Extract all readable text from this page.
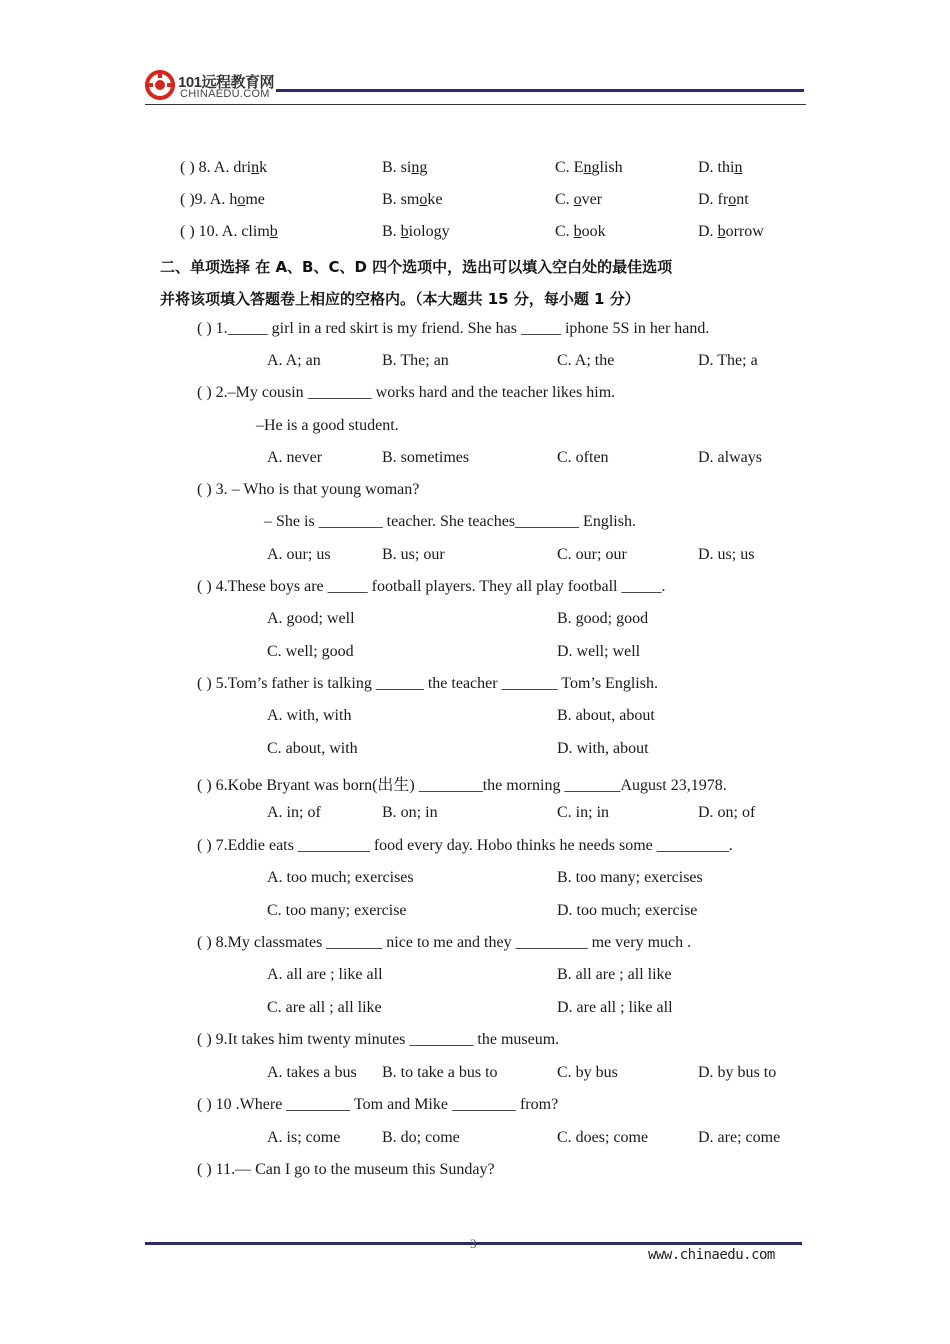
101远程教育网
CHINAEDU.COM
( ) 8. A. drink	B. sing	C. English	D. thin
( )9. A. home	B. smoke	C. over	D. front
( ) 10. A. climb	B. biology	C. book	D. borrow
二、单项选择 在 A、B、C、D 四个选项中，选出可以填入空白处的最佳选项
并将该项填入答题卷上相应的空格内。（本大题共 15 分，每小题 1 分）
( ) 1._____ girl in a red skirt is my friend. She has _____ iphone 5S in her hand.
A. A; an	B. The; an	C. A; the	D. The; a
( ) 2.–My cousin ________ works hard and the teacher likes him.
–He is a good student.
A. never	B. sometimes	C. often	D. always
( ) 3. – Who is that young woman?
– She is ________ teacher. She teaches________ English.
A. our; us	B. us; our	C. our; our	D. us; us
( ) 4.These boys are _____ football players. They all play football _____.
A. good; well	B. good; good
C. well; good	D. well; well
( ) 5.Tom’s father is talking ______ the teacher _______ Tom’s English.
A. with, with	B. about, about
C. about, with	D. with, about
( ) 6.Kobe Bryant was born(出生) ________the morning _______August 23,1978.
A. in; of	B. on; in	C. in; in	D. on; of
( ) 7.Eddie eats _________ food every day. Hobo thinks he needs some _________.
A. too much; exercises	B. too many; exercises
C. too many; exercise	D. too much; exercise
( ) 8.My classmates _______ nice to me and they _________ me very much .
A. all are ; like all	B. all are ; all like
C. are all ; all like	D. are all ; like all
( ) 9.It takes him twenty minutes ________ the museum.
A. takes a bus B. to take a bus to	C. by bus	D. by bus to
( ) 10 .Where ________ Tom and Mike ________ from?
A. is; come	B. do; come	C. does; come	D. are; come
( ) 11.— Can I go to the museum this Sunday?
3
www.chinaedu.com
